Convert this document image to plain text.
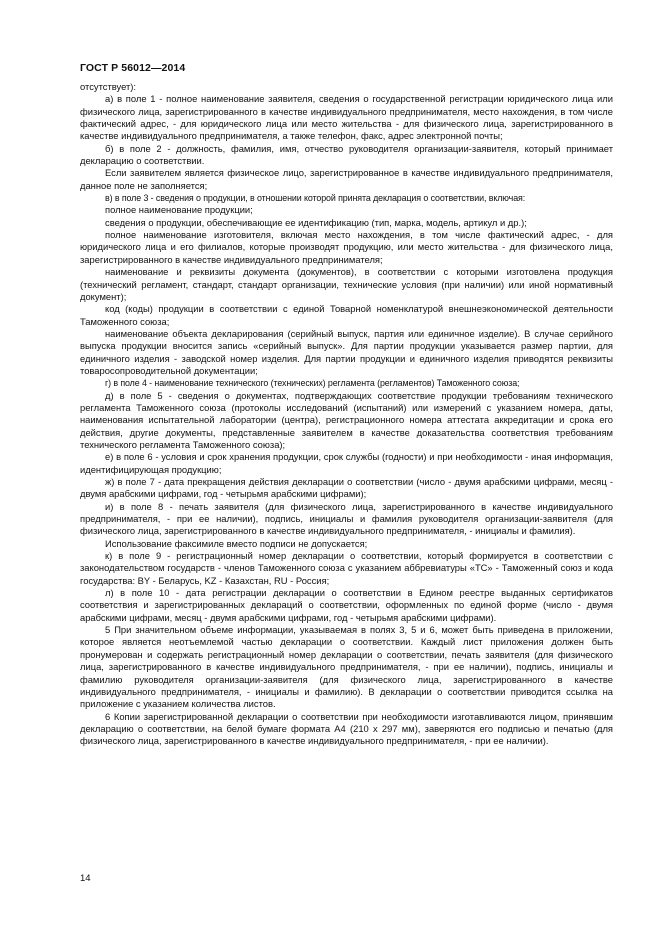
ГОСТ Р 56012—2014

отсутствует):

а) в поле 1 - полное наименование заявителя, сведения о государственной регистрации юридического лица или физического лица, зарегистрированного в качестве индивидуального предпринимателя, место нахождения, в том числе фактический адрес, - для юридического лица или место жительства - для физического лица, зарегистрированного в качестве индивидуального предпринимателя, а также телефон, факс, адрес электронной почты;

б) в поле 2 - должность, фамилия, имя, отчество руководителя организации-заявителя, который принимает декларацию о соответствии.

Если заявителем является физическое лицо, зарегистрированное в качестве индивидуального предпринимателя, данное поле не заполняется;

в) в поле 3 - сведения о продукции, в отношении которой принята декларация о соответствии, включая:

полное наименование продукции;

сведения о продукции, обеспечивающие ее идентификацию (тип, марка, модель, артикул и др.);

полное наименование изготовителя, включая место нахождения, в том числе фактический адрес, - для юридического лица и его филиалов, которые производят продукцию, или место жительства - для физического лица, зарегистрированного в качестве индивидуального предпринимателя;

наименование и реквизиты документа (документов), в соответствии с которыми изготовлена продукция (технический регламент, стандарт, стандарт организации, технические условия (при наличии) или иной нормативный документ);

код (коды) продукции в соответствии с единой Товарной номенклатурой внешнеэкономической деятельности Таможенного союза;

наименование объекта декларирования (серийный выпуск, партия или единичное изделие). В случае серийного выпуска продукции вносится запись «серийный выпуск». Для партии продукции указывается размер партии, для единичного изделия - заводской номер изделия. Для партии продукции и единичного изделия приводятся реквизиты товаросопроводительной документации;

г) в поле 4 - наименование технического (технических) регламента (регламентов) Таможенного союза;

д) в поле 5 - сведения о документах, подтверждающих соответствие продукции требованиям технического регламента Таможенного союза (протоколы исследований (испытаний) или измерений с указанием номера, даты, наименования испытательной лаборатории (центра), регистрационного номера аттестата аккредитации и срока его действия, другие документы, представленные заявителем в качестве доказательства соответствия требованиям технического регламента Таможенного союза);

е) в поле 6 - условия и срок хранения продукции, срок службы (годности) и при необходимости - иная информация, идентифицирующая продукцию;

ж) в поле 7 - дата прекращения действия декларации о соответствии (число - двумя арабскими цифрами, месяц - двумя арабскими цифрами, год - четырьмя арабскими цифрами);

и) в поле 8 - печать заявителя (для физического лица, зарегистрированного в качестве индивидуального предпринимателя, - при ее наличии), подпись, инициалы и фамилия руководителя организации-заявителя (для физического лица, зарегистрированного в качестве индивидуального предпринимателя, - инициалы и фамилия).

Использование факсимиле вместо подписи не допускается;

к) в поле 9 - регистрационный номер декларации о соответствии, который формируется в соответствии с законодательством государств - членов Таможенного союза с указанием аббревиатуры «ТС» - Таможенный союз и кода государства: BY - Беларусь, KZ - Казахстан, RU - Россия;

л) в поле 10 - дата регистрации декларации о соответствии в Едином реестре выданных сертификатов соответствия и зарегистрированных деклараций о соответствии, оформленных по единой форме (число - двумя арабскими цифрами, месяц - двумя арабскими цифрами, год - четырьмя арабскими цифрами).

5 При значительном объеме информации, указываемая в полях 3, 5 и 6, может быть приведена в приложении, которое является неотъемлемой частью декларации о соответствии. Каждый лист приложения должен быть пронумерован и содержать регистрационный номер декларации о соответствии, печать заявителя (для физического лица, зарегистрированного в качестве индивидуального предпринимателя, - при ее наличии), подпись, инициалы и фамилию руководителя организации-заявителя (для физического лица, зарегистрированного в качестве индивидуального предпринимателя, - инициалы и фамилию). В декларации о соответствии приводится ссылка на приложение с указанием количества листов.

6 Копии зарегистрированной декларации о соответствии при необходимости изготавливаются лицом, принявшим декларацию о соответствии, на белой бумаге формата А4 (210 х 297 мм), заверяются его подписью и печатью (для физического лица, зарегистрированного в качестве индивидуального предпринимателя, - при ее наличии).

14
